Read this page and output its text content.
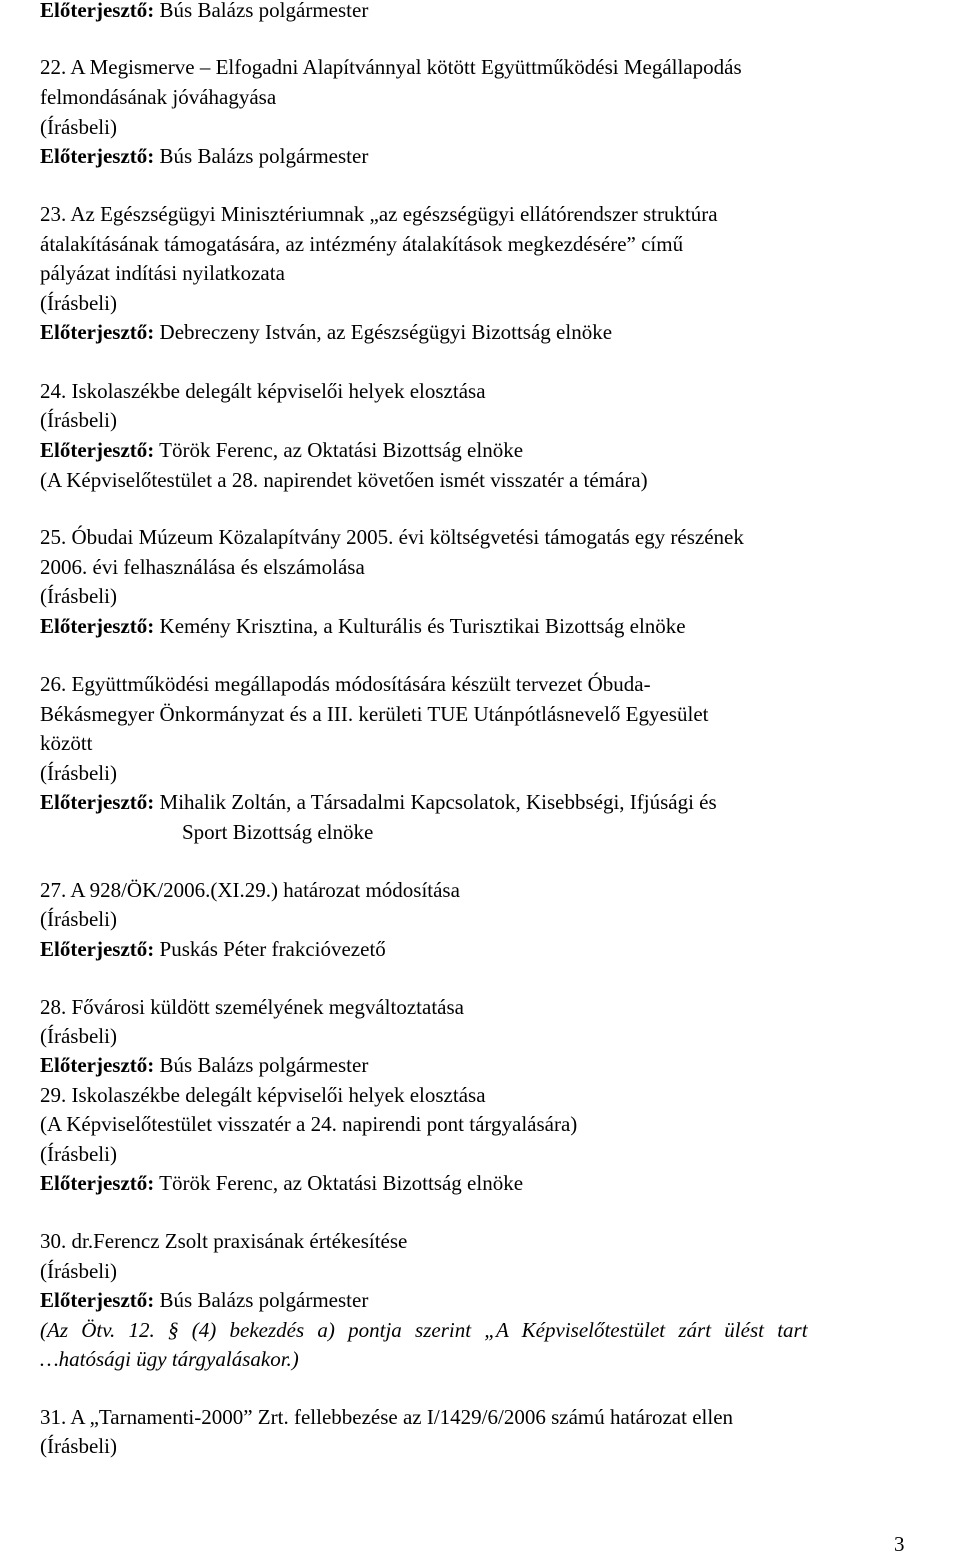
Előterjesztő: Bús Balázs polgármester
22. A Megismerve – Elfogadni Alapítvánnyal kötött Együttműködési Megállapodás
felmondásának jóváhagyása
(Írásbeli)
Előterjesztő: Bús Balázs polgármester
23. Az Egészségügyi Minisztériumnak „az egészségügyi ellátórendszer struktúra
átalakításának támogatására, az intézmény átalakítások megkezdésére” című
pályázat indítási nyilatkozata
(Írásbeli)
Előterjesztő: Debreczeny István, az Egészségügyi Bizottság elnöke
24. Iskolaszékbe delegált képviselői helyek elosztása
(Írásbeli)
Előterjesztő: Török Ferenc, az Oktatási Bizottság elnöke
(A Képviselőtestület a 28. napirendet követően ismét visszatér a témára)
25. Óbudai Múzeum Közalapítvány 2005. évi költségvetési támogatás egy részének
2006. évi felhasználása és elszámolása
(Írásbeli)
Előterjesztő: Kemény Krisztina, a Kulturális és Turisztikai Bizottság elnöke
26. Együttműködési megállapodás módosítására készült tervezet Óbuda-
Békásmegyer Önkormányzat és a III. kerületi TUE Utánpótlásnevelő Egyesület
között
(Írásbeli)
Előterjesztő: Mihalik Zoltán, a Társadalmi Kapcsolatok, Kisebbségi, Ifjúsági és
Sport Bizottság elnöke
27. A 928/ÖK/2006.(XI.29.) határozat módosítása
(Írásbeli)
Előterjesztő: Puskás Péter frakcióvezető
28. Fővárosi küldött személyének megváltoztatása
(Írásbeli)
Előterjesztő: Bús Balázs polgármester
29. Iskolaszékbe delegált képviselői helyek elosztása
(A Képviselőtestület visszatér a 24. napirendi pont tárgyalására)
(Írásbeli)
Előterjesztő: Török Ferenc, az Oktatási Bizottság elnöke
30. dr.Ferencz Zsolt praxisának értékesítése
(Írásbeli)
Előterjesztő: Bús Balázs polgármester
(Az Ötv. 12. § (4) bekezdés a) pontja szerint „A Képviselőtestület zárt ülést tart
…hatósági ügy tárgyalásakor.)
31. A „Tarnamenti-2000” Zrt. fellebbezése az I/1429/6/2006 számú határozat ellen
(Írásbeli)
3
